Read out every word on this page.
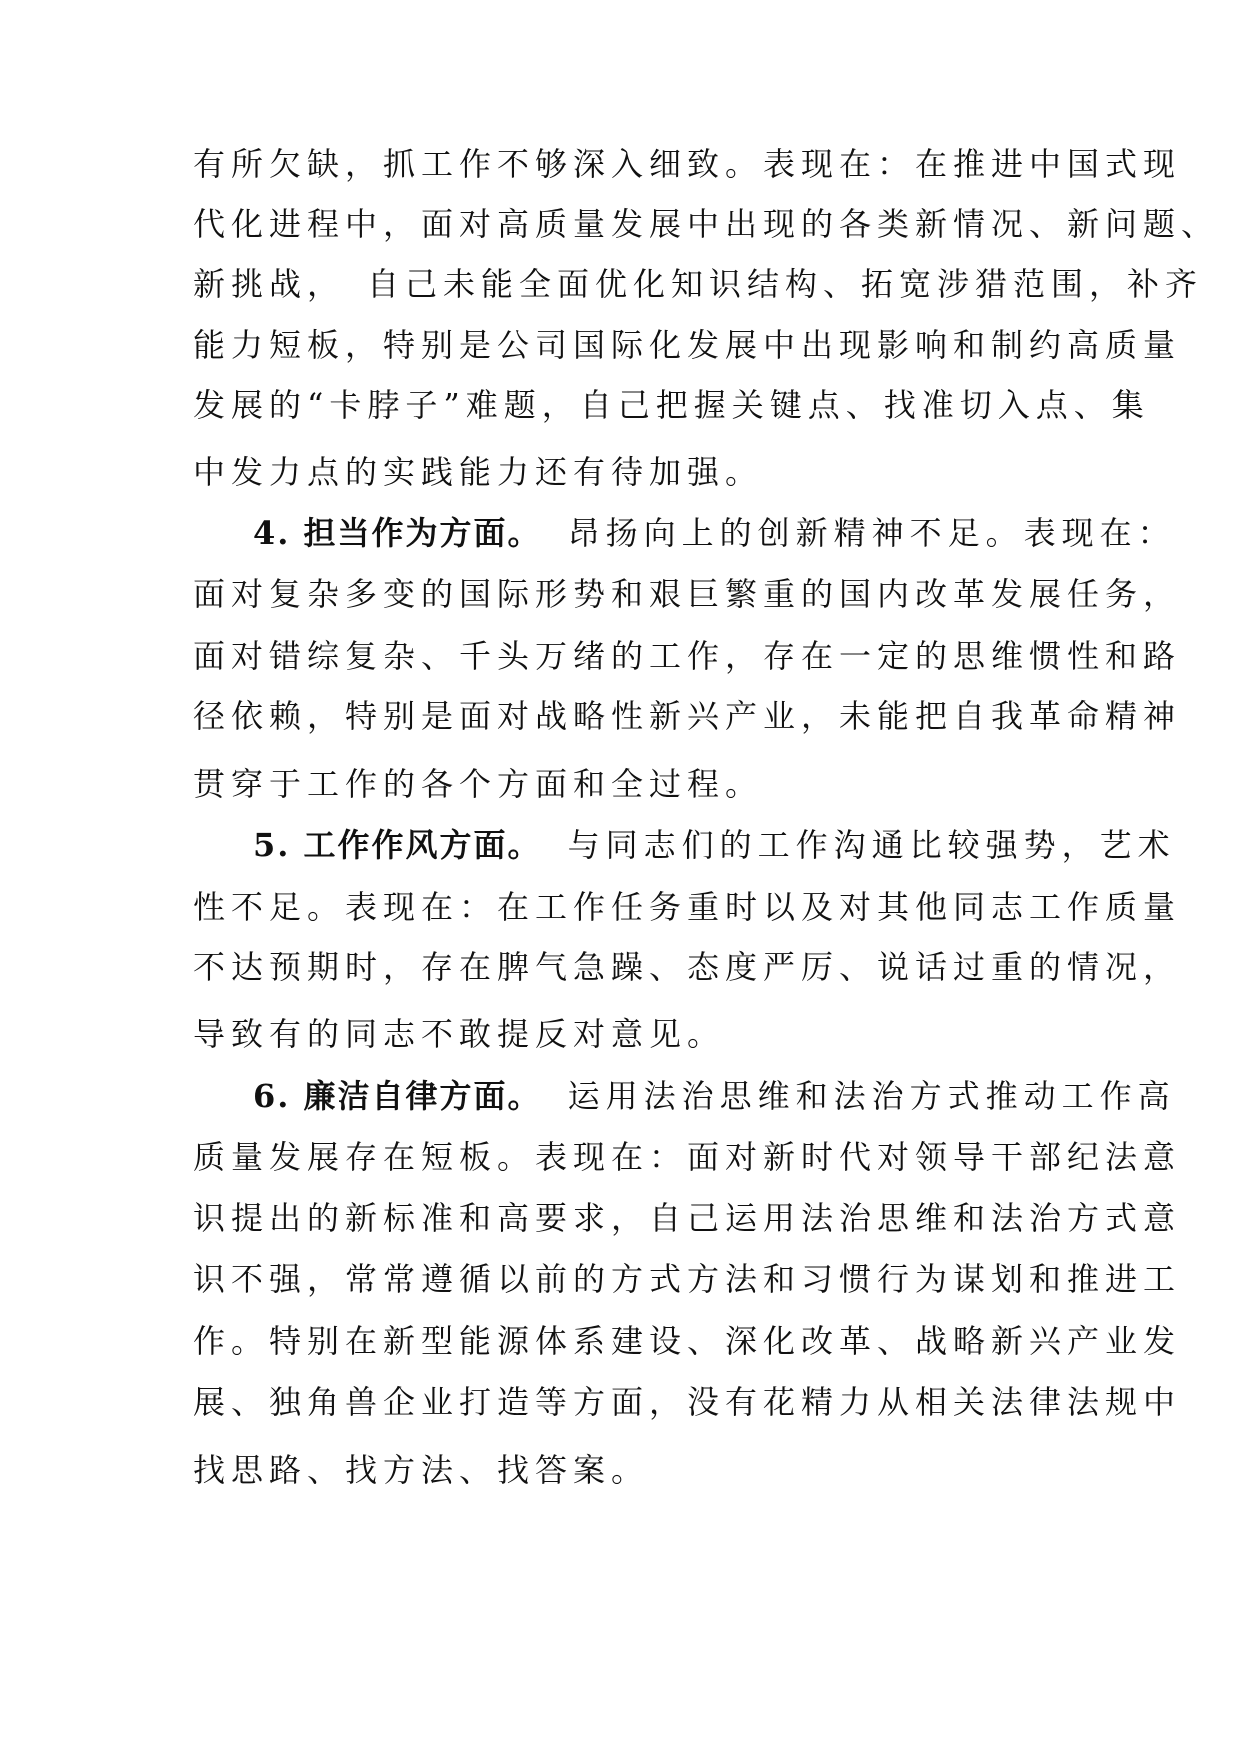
有所欠缺，抓工作不够深入细致。表现在：在推进中国式现
代化进程中，面对高质量发展中出现的各类新情况、新问题、
新挑战，　自己未能全面优化知识结构、拓宽涉猎范围，补齐
能力短板，特别是公司国际化发展中出现影响和制约高质量
发展的“卡脖子”难题，自己把握关键点、找准切入点、集
中发力点的实践能力还有待加强。
4. 担当作为方面。 昂扬向上的创新精神不足。表现在：
面对复杂多变的国际形势和艰巨繁重的国内改革发展任务，
面对错综复杂、千头万绪的工作，存在一定的思维惯性和路
径依赖，特别是面对战略性新兴产业，未能把自我革命精神
贯穿于工作的各个方面和全过程。
5. 工作作风方面。 与同志们的工作沟通比较强势，艺术
性不足。表现在：在工作任务重时以及对其他同志工作质量
不达预期时，存在脾气急躁、态度严厉、说话过重的情况，
导致有的同志不敢提反对意见。
6. 廉洁自律方面。 运用法治思维和法治方式推动工作高
质量发展存在短板。表现在：面对新时代对领导干部纪法意
识提出的新标准和高要求，自己运用法治思维和法治方式意
识不强，常常遵循以前的方式方法和习惯行为谋划和推进工
作。特别在新型能源体系建设、深化改革、战略新兴产业发
展、独角兽企业打造等方面，没有花精力从相关法律法规中
找思路、找方法、找答案。
